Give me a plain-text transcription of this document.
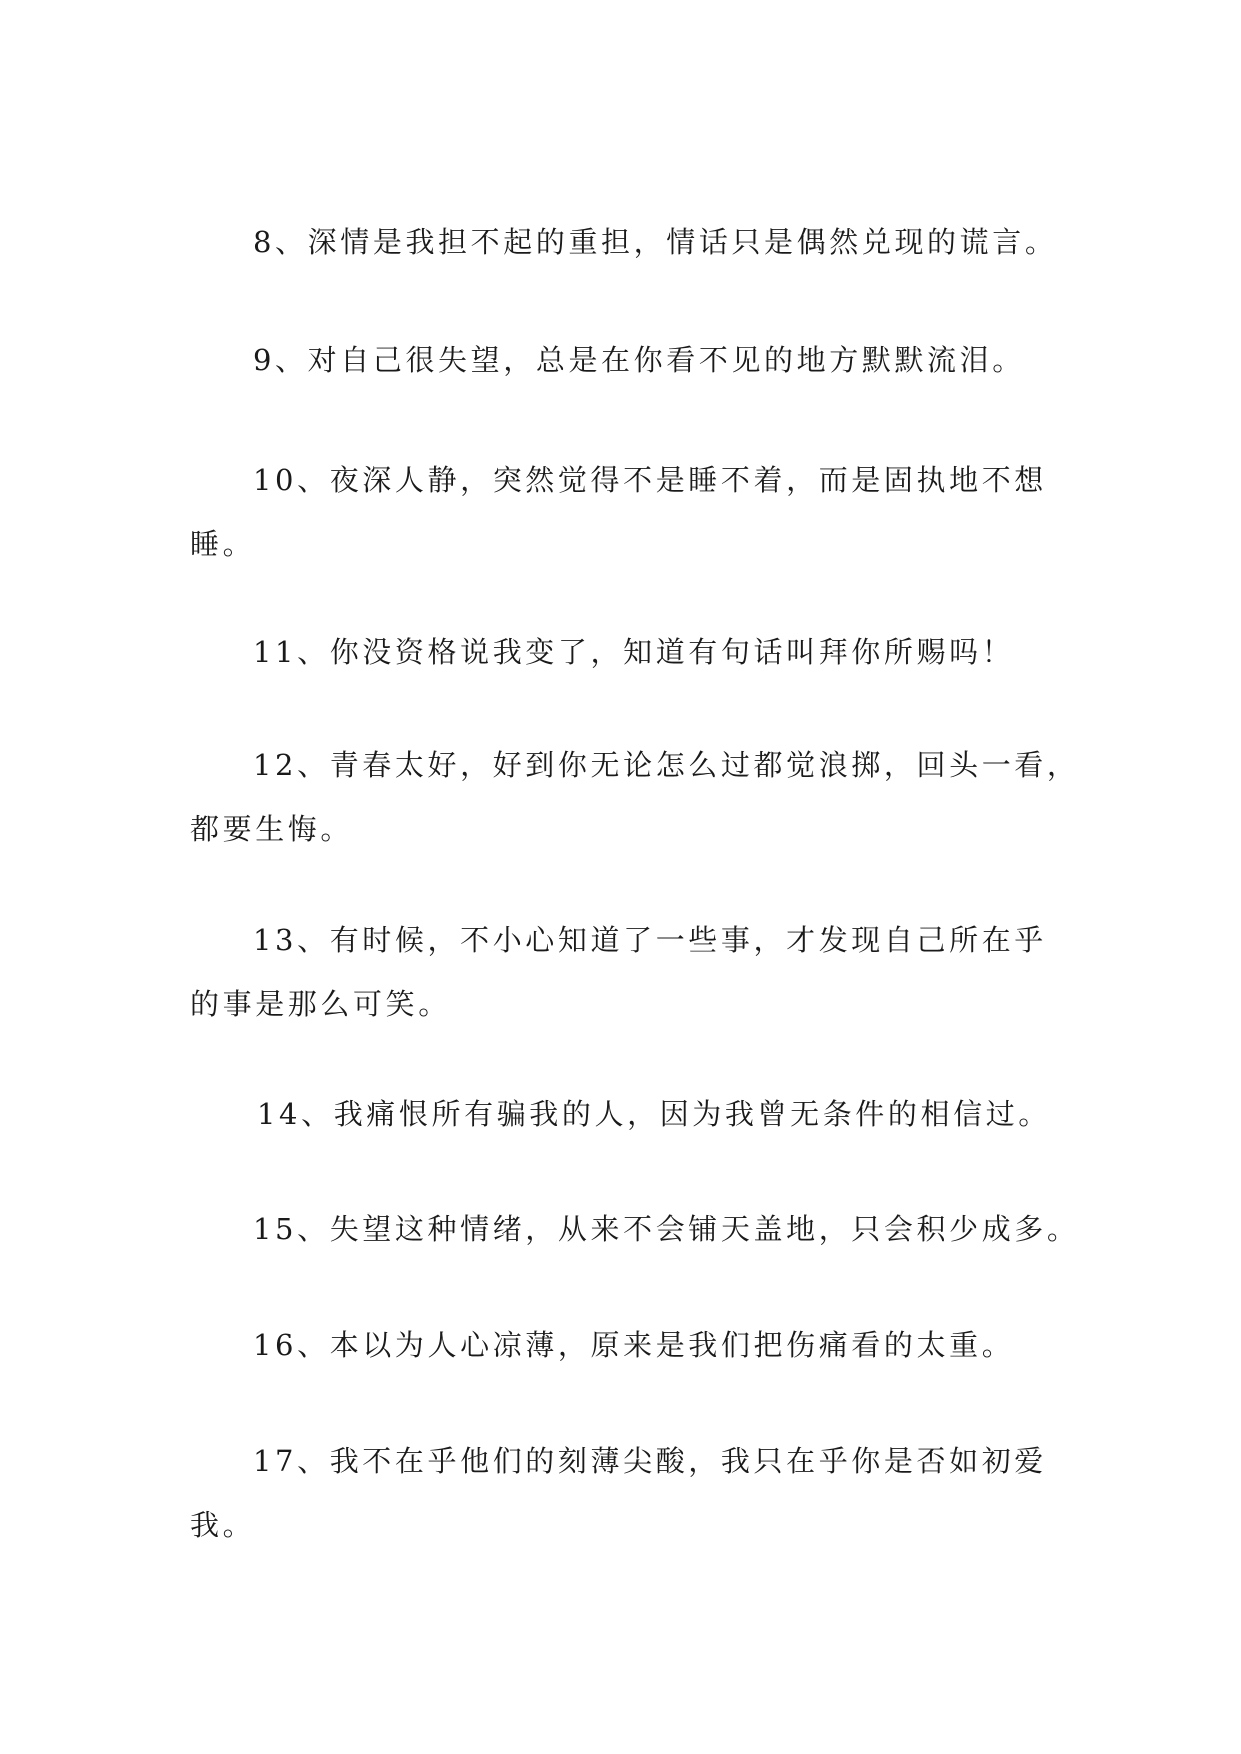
8、深情是我担不起的重担，情话只是偶然兑现的谎言。

9、对自己很失望，总是在你看不见的地方默默流泪。

10、夜深人静，突然觉得不是睡不着，而是固执地不想
睡。

11、你没资格说我变了，知道有句话叫拜你所赐吗！

12、青春太好，好到你无论怎么过都觉浪掷，回头一看，
都要生悔。

13、有时候，不小心知道了一些事，才发现自己所在乎
的事是那么可笑。

14、我痛恨所有骗我的人，因为我曾无条件的相信过。

15、失望这种情绪，从来不会铺天盖地，只会积少成多。

16、本以为人心凉薄，原来是我们把伤痛看的太重。

17、我不在乎他们的刻薄尖酸，我只在乎你是否如初爱
我。
